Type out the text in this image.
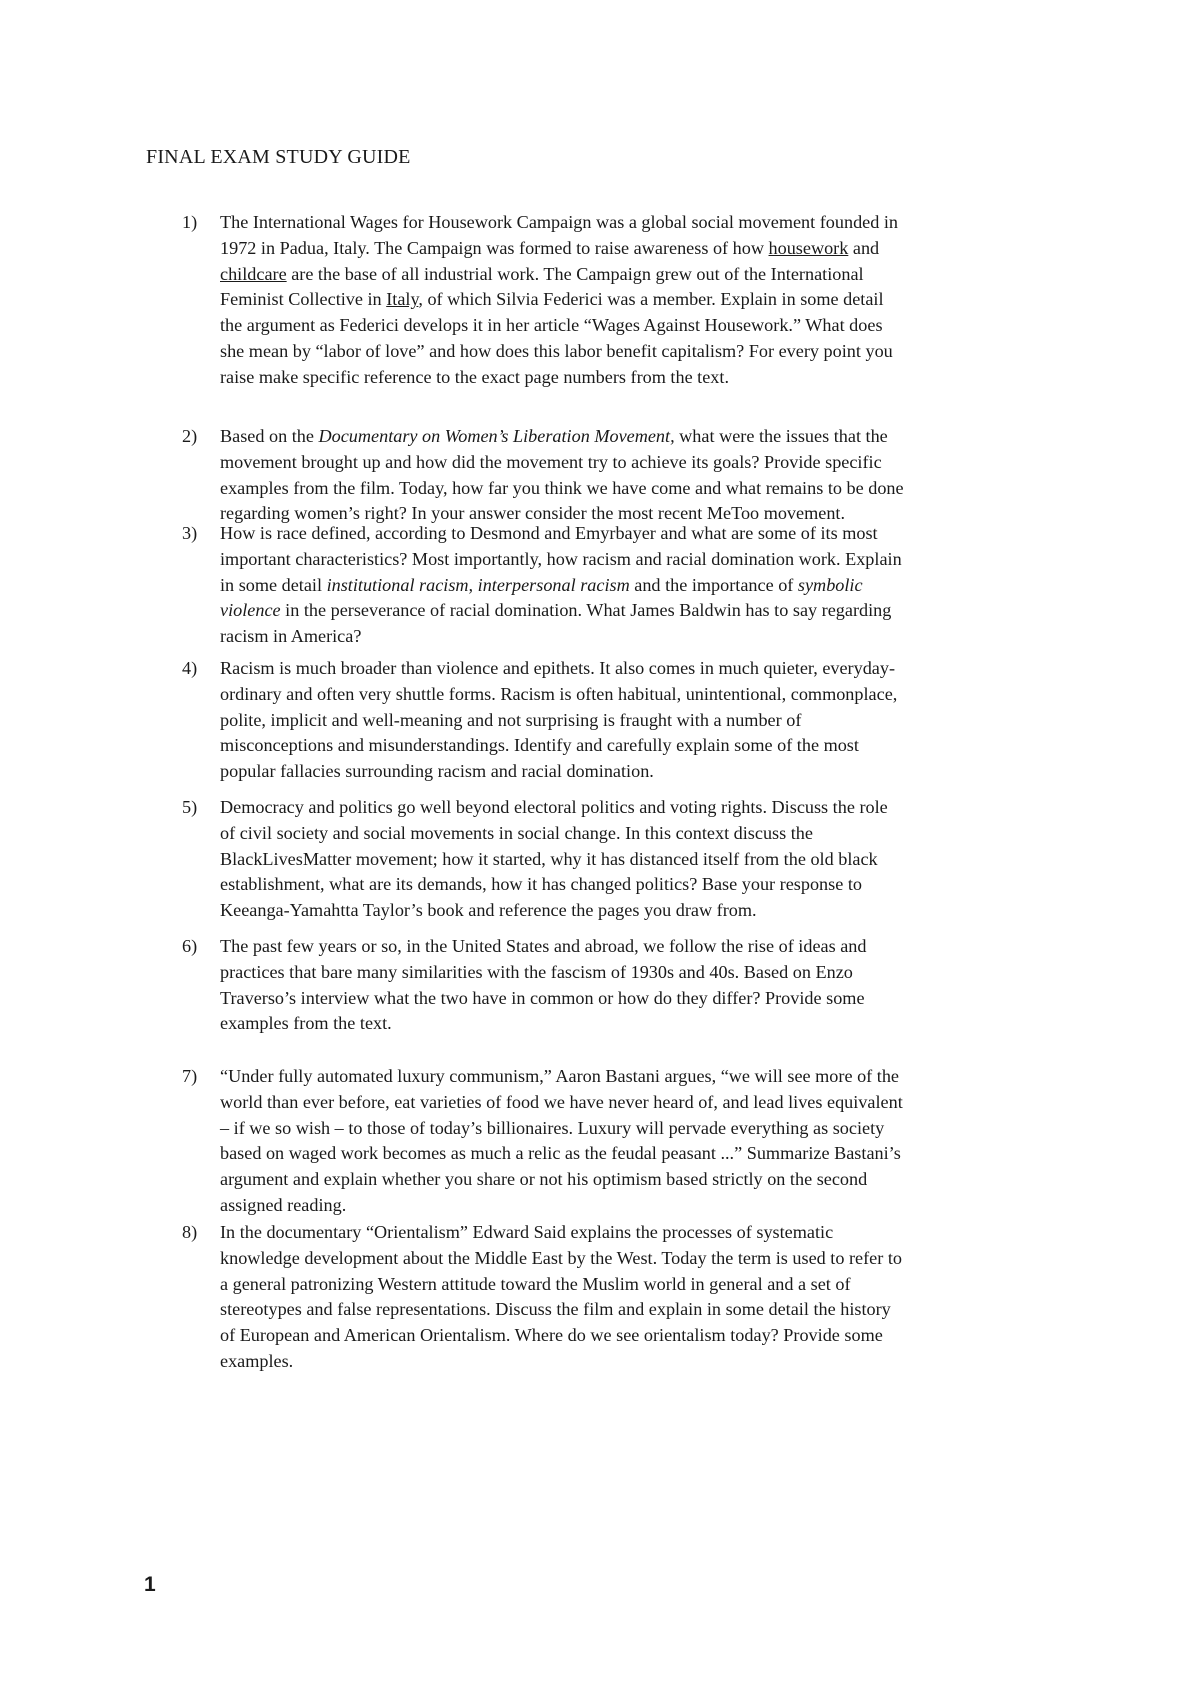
FINAL EXAM STUDY GUIDE
1) The International Wages for Housework Campaign was a global social movement founded in

1972 in Padua, Italy. The Campaign was formed to raise awareness of how housework and

childcare are the base of all industrial work. The Campaign grew out of the International

Feminist Collective in Italy, of which Silvia Federici was a member. Explain in some detail

the argument as Federici develops it in her article “Wages Against Housework.” What does

she mean by “labor of love” and how does this labor benefit capitalism? For every point you

raise make specific reference to the exact page numbers from the text.

2) Based on the Documentary on Women’s Liberation Movement, what were the issues that the

movement brought up and how did the movement try to achieve its goals? Provide specific

examples from the film. Today, how far you think we have come and what remains to be done

regarding women’s right? In your answer consider the most recent MeToo movement.

3) How is race defined, according to Desmond and Emyrbayer and what are some of its most

important characteristics? Most importantly, how racism and racial domination work. Explain

in some detail institutional racism, interpersonal racism and the importance of symbolic

violence in the perseverance of racial domination. What James Baldwin has to say regarding

racism in America?

4) Racism is much broader than violence and epithets. It also comes in much quieter, everyday-

ordinary and often very shuttle forms. Racism is often habitual, unintentional, commonplace,

polite, implicit and well-meaning and not surprising is fraught with a number of

misconceptions and misunderstandings. Identify and carefully explain some of the most

popular fallacies surrounding racism and racial domination.

5) Democracy and politics go well beyond electoral politics and voting rights. Discuss the role

of civil society and social movements in social change. In this context discuss the

BlackLivesMatter movement; how it started, why it has distanced itself from the old black

establishment, what are its demands, how it has changed politics? Base your response to

Keeanga-Yamahtta Taylor’s book and reference the pages you draw from.

6) The past few years or so, in the United States and abroad, we follow the rise of ideas and

practices that bare many similarities with the fascism of 1930s and 40s. Based on Enzo

Traverso’s interview what the two have in common or how do they differ? Provide some

examples from the text.

7) “Under fully automated luxury communism,” Aaron Bastani argues, “we will see more of the

world than ever before, eat varieties of food we have never heard of, and lead lives equivalent

– if we so wish – to those of today’s billionaires. Luxury will pervade everything as society

based on waged work becomes as much a relic as the feudal peasant ...” Summarize Bastani’s

argument and explain whether you share or not his optimism based strictly on the second

assigned reading.

8) In the documentary “Orientalism” Edward Said explains the processes of systematic

knowledge development about the Middle East by the West. Today the term is used to refer to

a general patronizing Western attitude toward the Muslim world in general and a set of

stereotypes and false representations. Discuss the film and explain in some detail the history

of European and American Orientalism. Where do we see orientalism today? Provide some

examples.

1
